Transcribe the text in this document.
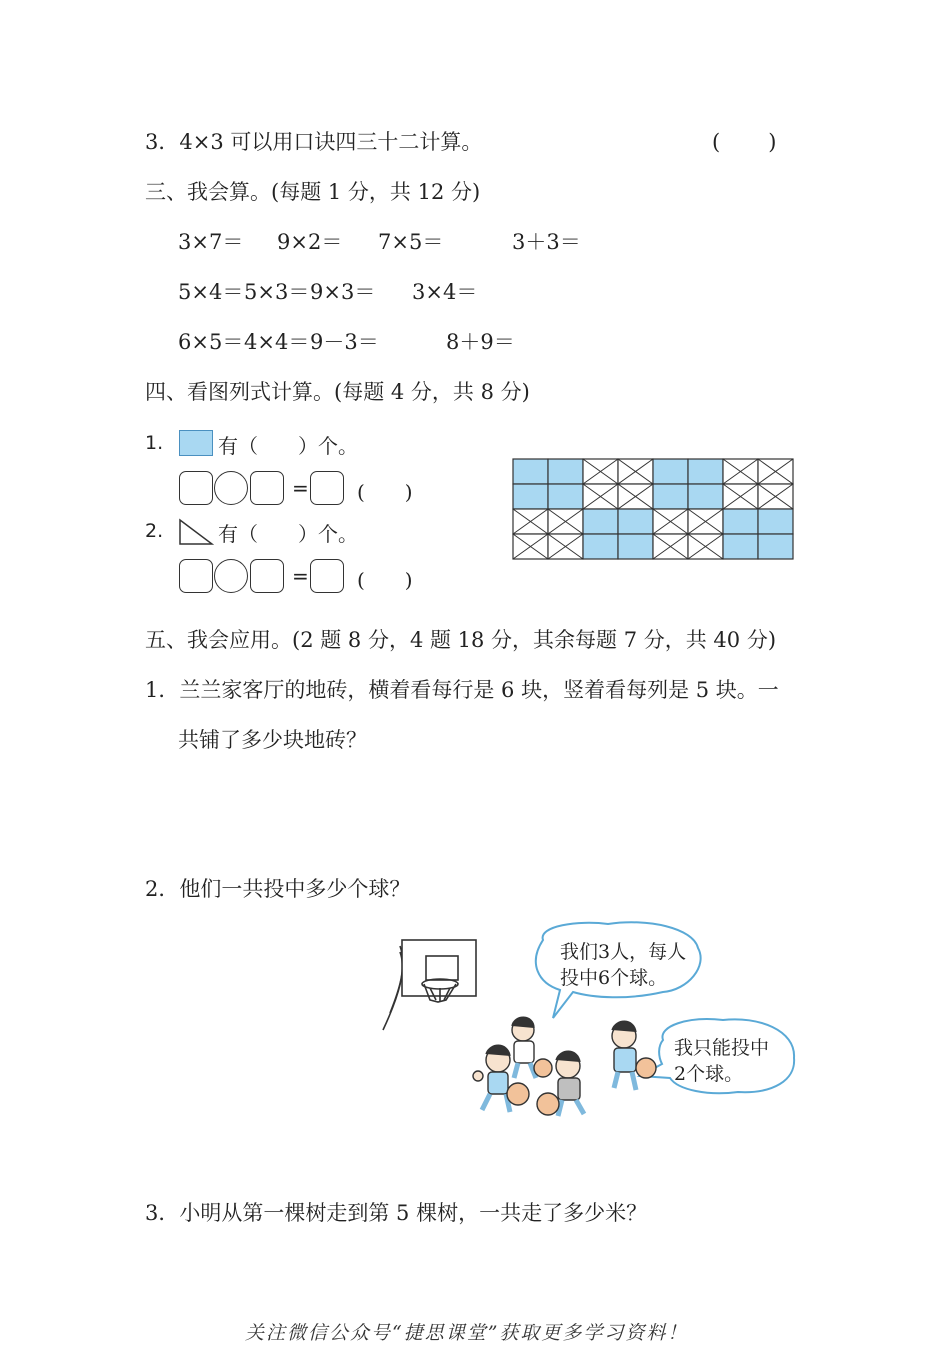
3．4×3 可以用口诀四三十二计算。	(　　)
三、我会算。(每题 1 分，共 12 分)
3×7＝ 9×2＝ 7×5＝	3＋3＝
5×4＝ 5×3＝ 9×3＝ 3×4＝
6×5＝ 4×4＝ 9－3＝	8＋9＝
四、看图列式计算。(每题 4 分，共 8 分)
1.	有（　　）个。
= (　　)
2.	有（　　）个。
= (　　)
五、我会应用。(2 题 8 分，4 题 18 分，其余每题 7 分，共 40 分)
1．兰兰家客厅的地砖，横着看每行是 6 块，竖着看每列是 5 块。一
共铺了多少块地砖？
2．他们一共投中多少个球？
我们3人，每人
投中6个球。
我只能投中
2个球。
3．小明从第一棵树走到第 5 棵树，一共走了多少米？
关注微信公众号“捷思课堂”获取更多学习资料！
